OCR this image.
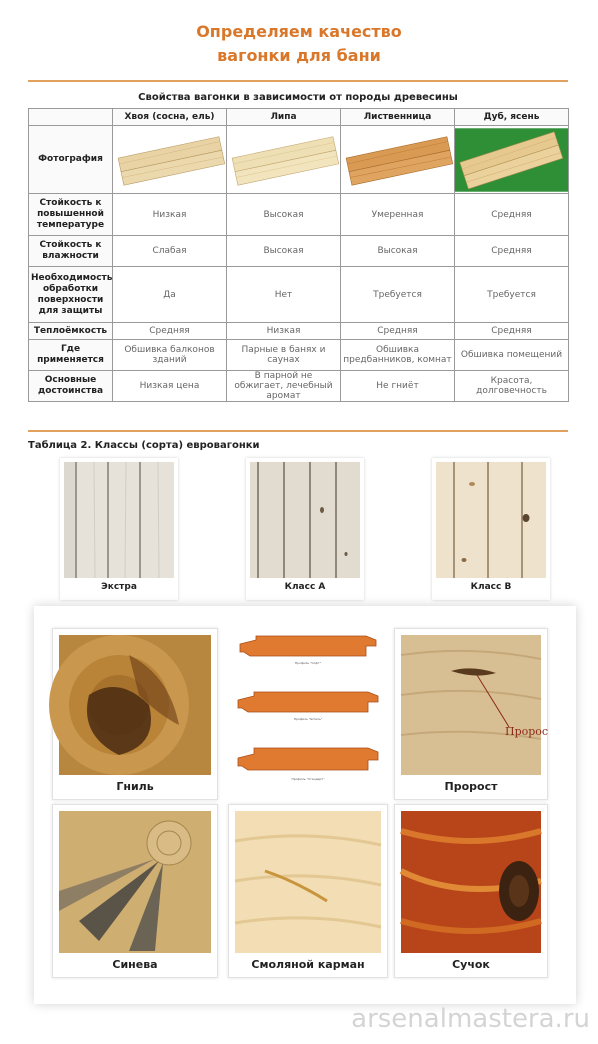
Определяем качество
вагонки для бани
Свойства вагонки в зависимости от породы древесины
	Хвоя (сосна, ель)	Липа	Лиственница	Дуб, ясень
Фотография	

Стойкость к повышенной температуре	Низкая	Высокая	Умеренная	Средняя
Стойкость к влажности	Слабая	Высокая	Высокая	Средняя
Необходимость обработки поверхности для защиты	Да	Нет	Требуется	Требуется
Теплоёмкость	Средняя	Низкая	Средняя	Средняя
Где применяется	Обшивка балконов зданий	Парные в банях и саунах	Обшивка предбанников, комнат	Обшивка помещений
Основные достоинства	Низкая цена	В парной не обжигает, лечебный аромат	Не гниёт	Красота, долговечность
Таблица 2. Классы (сорта) евровагонки
Экстра	Класс А	Класс В
Гниль
Профиль "Софт"
Профиль "Штиль"
Профиль "Стандарт"
Пророс
Пророст
Синева	Смоляной карман	Сучок
arsenalmastera.ru
